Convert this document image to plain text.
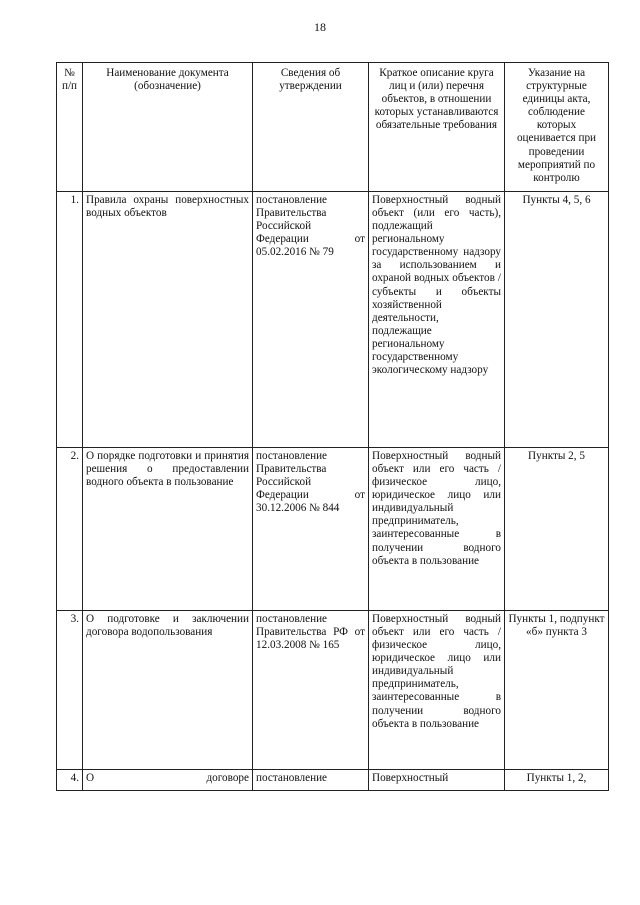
18
№ п/п	Наименование документа (обозначение)	Сведения об утверждении	Краткое описание круга лиц и (или) перечня объектов, в отношении которых устанавливаются обязательные требования	Указание на структурные единицы акта, соблюдение которых оценивается при проведении мероприятий по контролю
1.	Правила охраны поверхностных водных объектов	постановление Правительства Российской Федерации от 05.02.2016 № 79	Поверхностный водный объект (или его часть), подлежащий региональному государственному надзору за использованием и охраной водных объектов / субъекты и объекты хозяйственной деятельности, подлежащие региональному государственному экологическому надзору	Пункты 4, 5, 6
2.	О порядке подготовки и принятия решения о предоставлении водного объекта в пользование	постановление Правительства Российской Федерации от 30.12.2006 № 844	Поверхностный водный объект или его часть / физическое лицо, юридическое лицо или индивидуальный предприниматель, заинтересованные в получении водного объекта в пользование	Пункты 2, 5
3.	О подготовке и заключении договора водопользования	постановление Правительства РФ от 12.03.2008 № 165	Поверхностный водный объект или его часть / физическое лицо, юридическое лицо или индивидуальный предприниматель, заинтересованные в получении водного объекта в пользование	Пункты 1, подпункт «б» пункта 3
4.	О договоре	постановление	Поверхностный	Пункты 1, 2,
